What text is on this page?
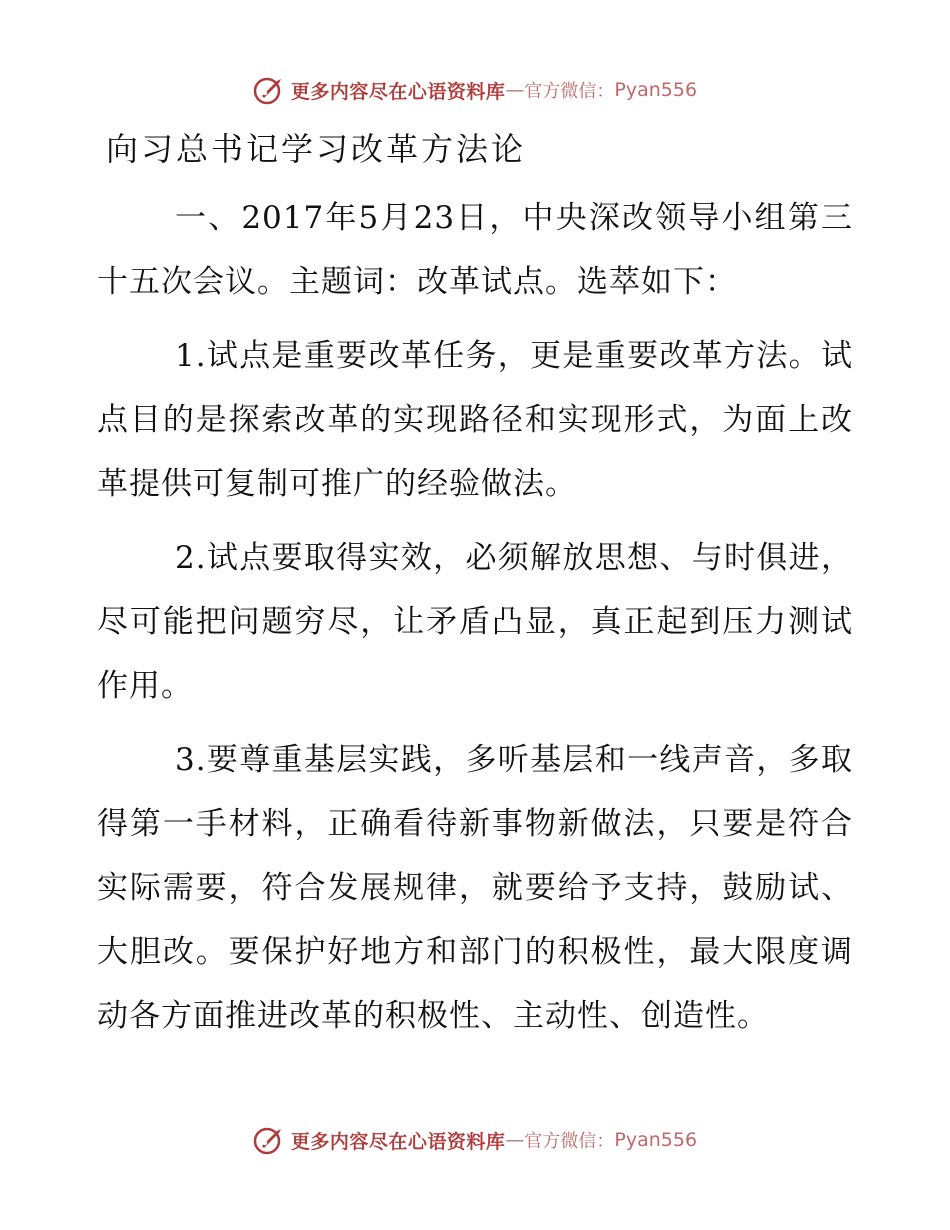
更多内容尽在心语资料库 — 官方微信： Pyan556
向习总书记学习改革方法论

一、2017年5月23日，中央深改领导小组第三十五次会议。主题词：改革试点。选萃如下：

1.试点是重要改革任务，更是重要改革方法。试点目的是探索改革的实现路径和实现形式，为面上改革提供可复制可推广的经验做法。

2.试点要取得实效，必须解放思想、与时俱进，尽可能把问题穷尽，让矛盾凸显，真正起到压力测试作用。

3.要尊重基层实践，多听基层和一线声音，多取得第一手材料，正确看待新事物新做法，只要是符合实际需要，符合发展规律，就要给予支持，鼓励试、大胆改。要保护好地方和部门的积极性，最大限度调动各方面推进改革的积极性、主动性、创造性。

更多内容尽在心语资料库 — 官方微信： Pyan556
